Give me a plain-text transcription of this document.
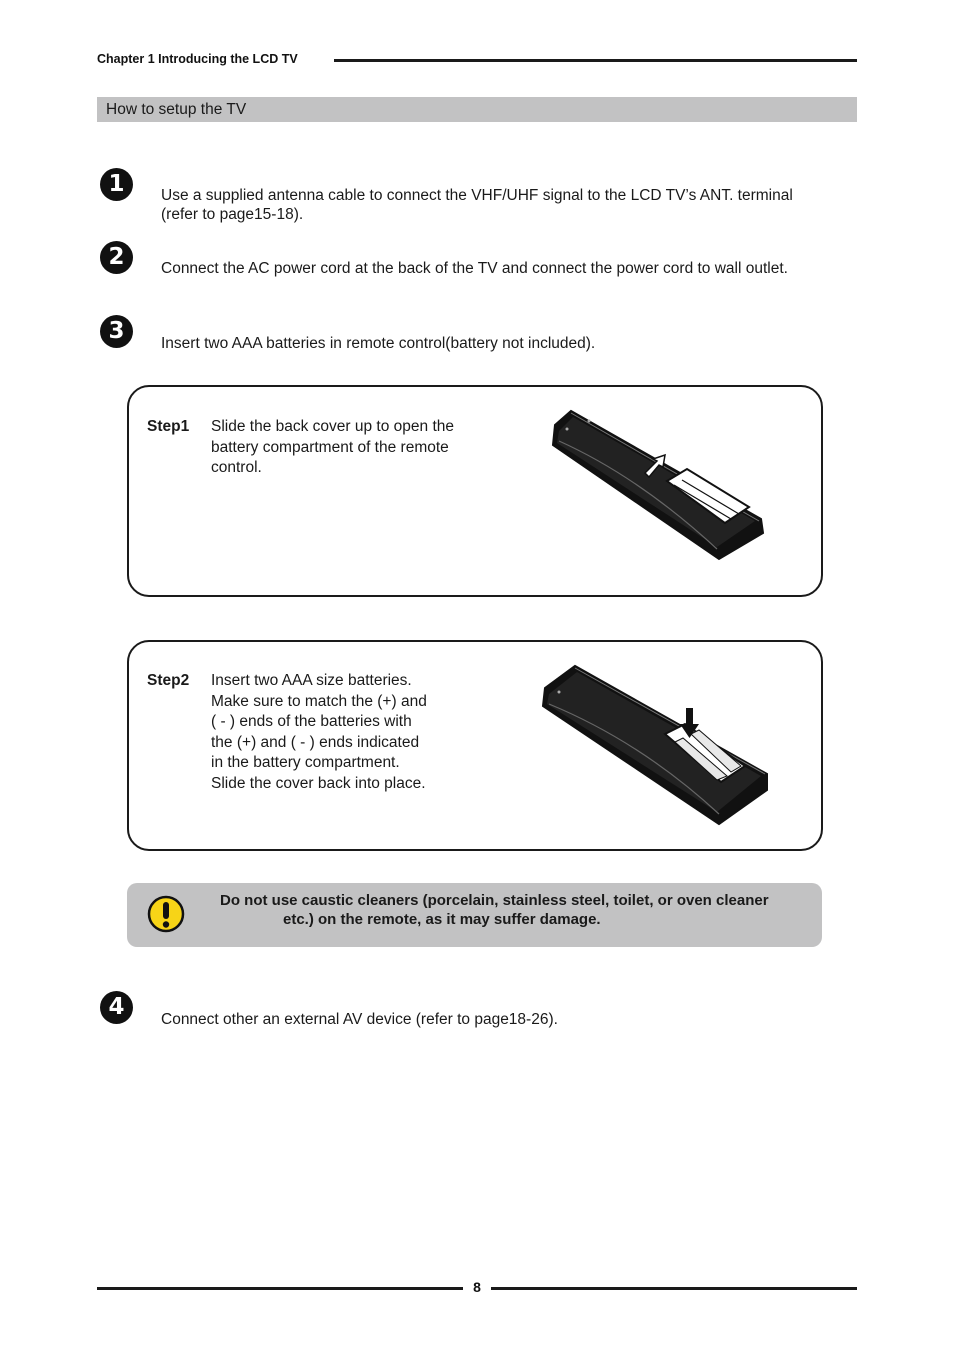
Chapter 1 Introducing the LCD TV
How to setup the TV
1	Use a supplied antenna cable to connect the VHF/UHF signal to the LCD TV’s ANT. terminal
(refer to page15-18).
2	Connect the AC power cord at the back of the TV and connect the power cord to wall outlet.
3	Insert two AAA batteries in remote control(battery not included).
Step1 Slide the back cover up to open the
battery compartment of the remote
control.
Step2 Insert two AAA size batteries.
Make sure to match the (+) and
( - ) ends of the batteries with
the (+) and ( - ) ends indicated
in the battery compartment.
Slide the cover back into place.
Do not use caustic cleaners (porcelain, stainless steel, toilet, or oven cleaner
etc.) on the remote, as it may suffer damage.
4	Connect other an external AV device (refer to page18-26).
8
